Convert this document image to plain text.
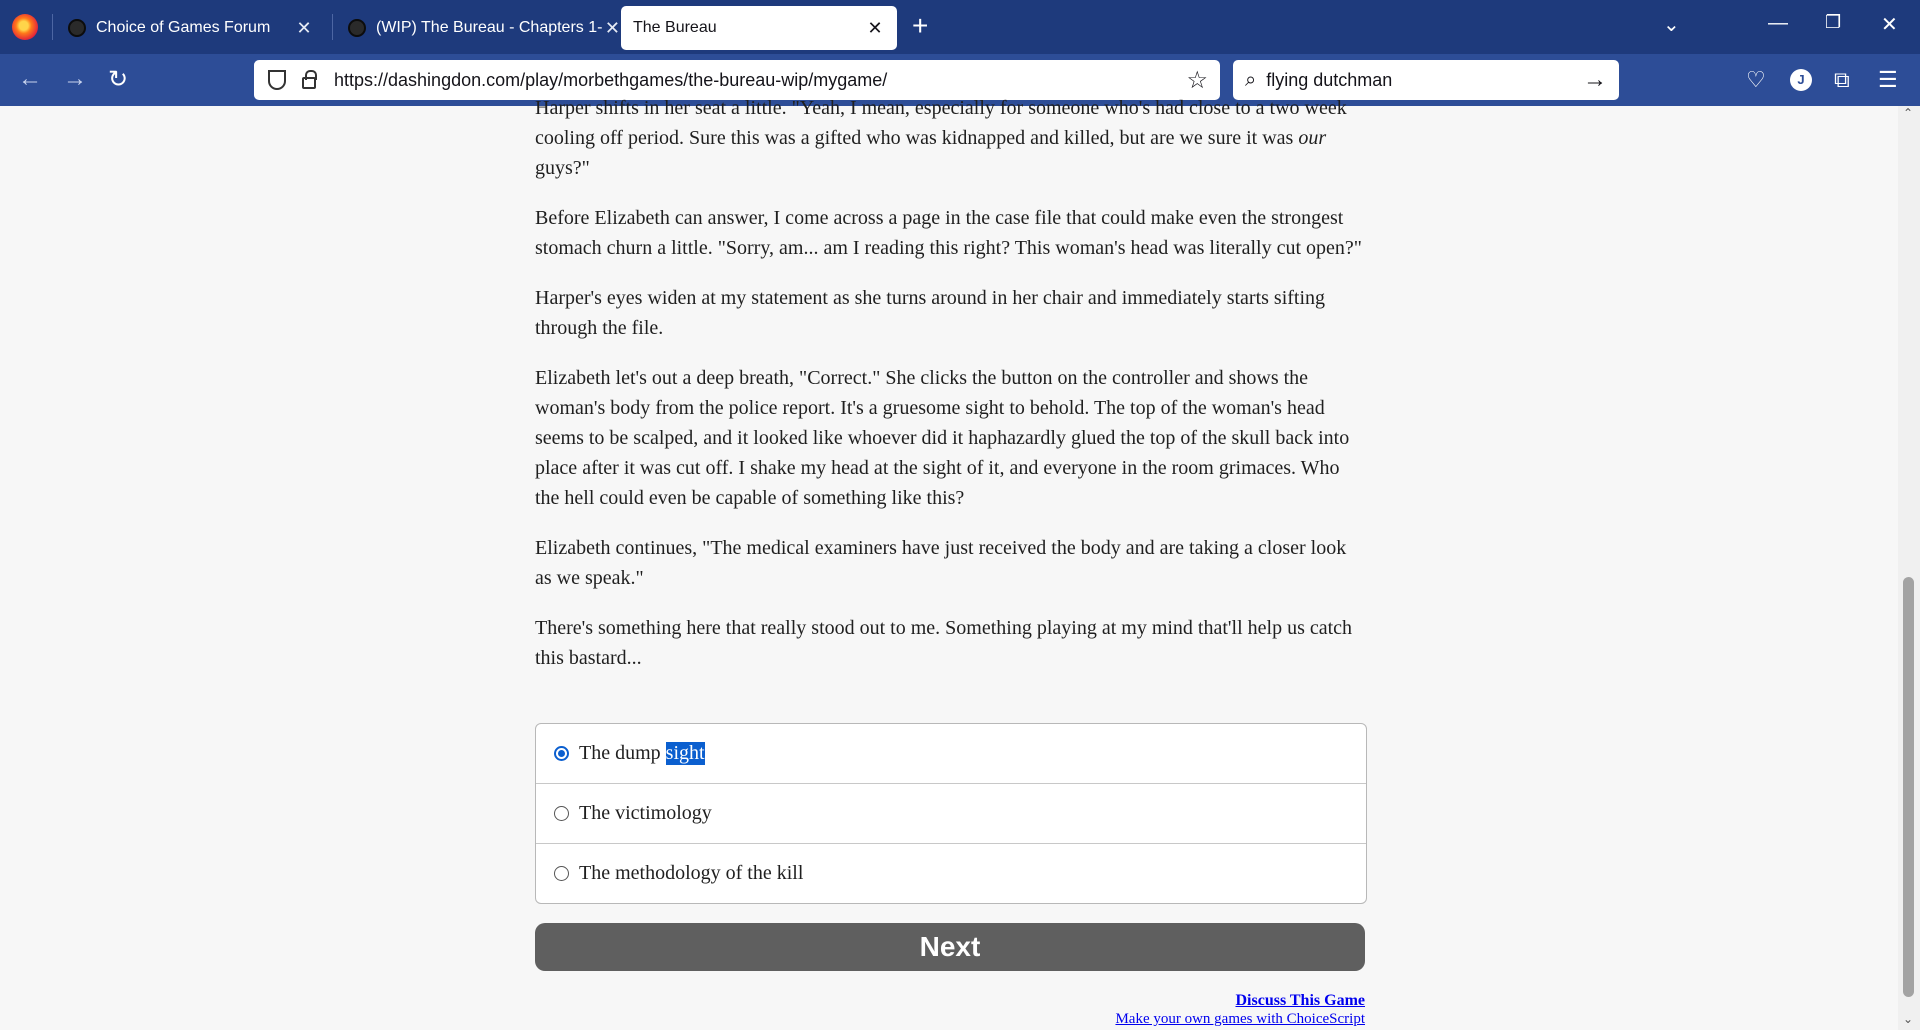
Choice of Games Forum	✕	(WIP) The Bureau - Chapters 1- ✕ The Bureau	✕ +	⌄	— ❐ ✕
← → ↻	https://dashingdon.com/play/morbethgames/the-bureau-wip/mygame/	☆ ⌕
flying dutchman	→	♡	J	⧉ ☰

Harper shifts in her seat a little. "Yeah, I mean, especially for someone who's had close to a two week cooling off period. Sure this was a gifted who was kidnapped and killed, but are we sure it was our guys?"

Before Elizabeth can answer, I come across a page in the case file that could make even the strongest stomach churn a little. "Sorry, am... am I reading this right? This woman's head was literally cut open?"

Harper's eyes widen at my statement as she turns around in her chair and immediately starts sifting through the file.

Elizabeth let's out a deep breath, "Correct." She clicks the button on the controller and shows the woman's body from the police report. It's a gruesome sight to behold. The top of the woman's head seems to be scalped, and it looked like whoever did it haphazardly glued the top of the skull back into place after it was cut off. I shake my head at the sight of it, and everyone in the room grimaces. Who the hell could even be capable of something like this?

Elizabeth continues, "The medical examiners have just received the body and are taking a closer look as we speak."

There's something here that really stood out to me. Something playing at my mind that'll help us catch this bastard...

The dump sight
The victimology
The methodology of the kill
Next
Discuss This Game
Make your own games with ChoiceScript
⌃
⌄
